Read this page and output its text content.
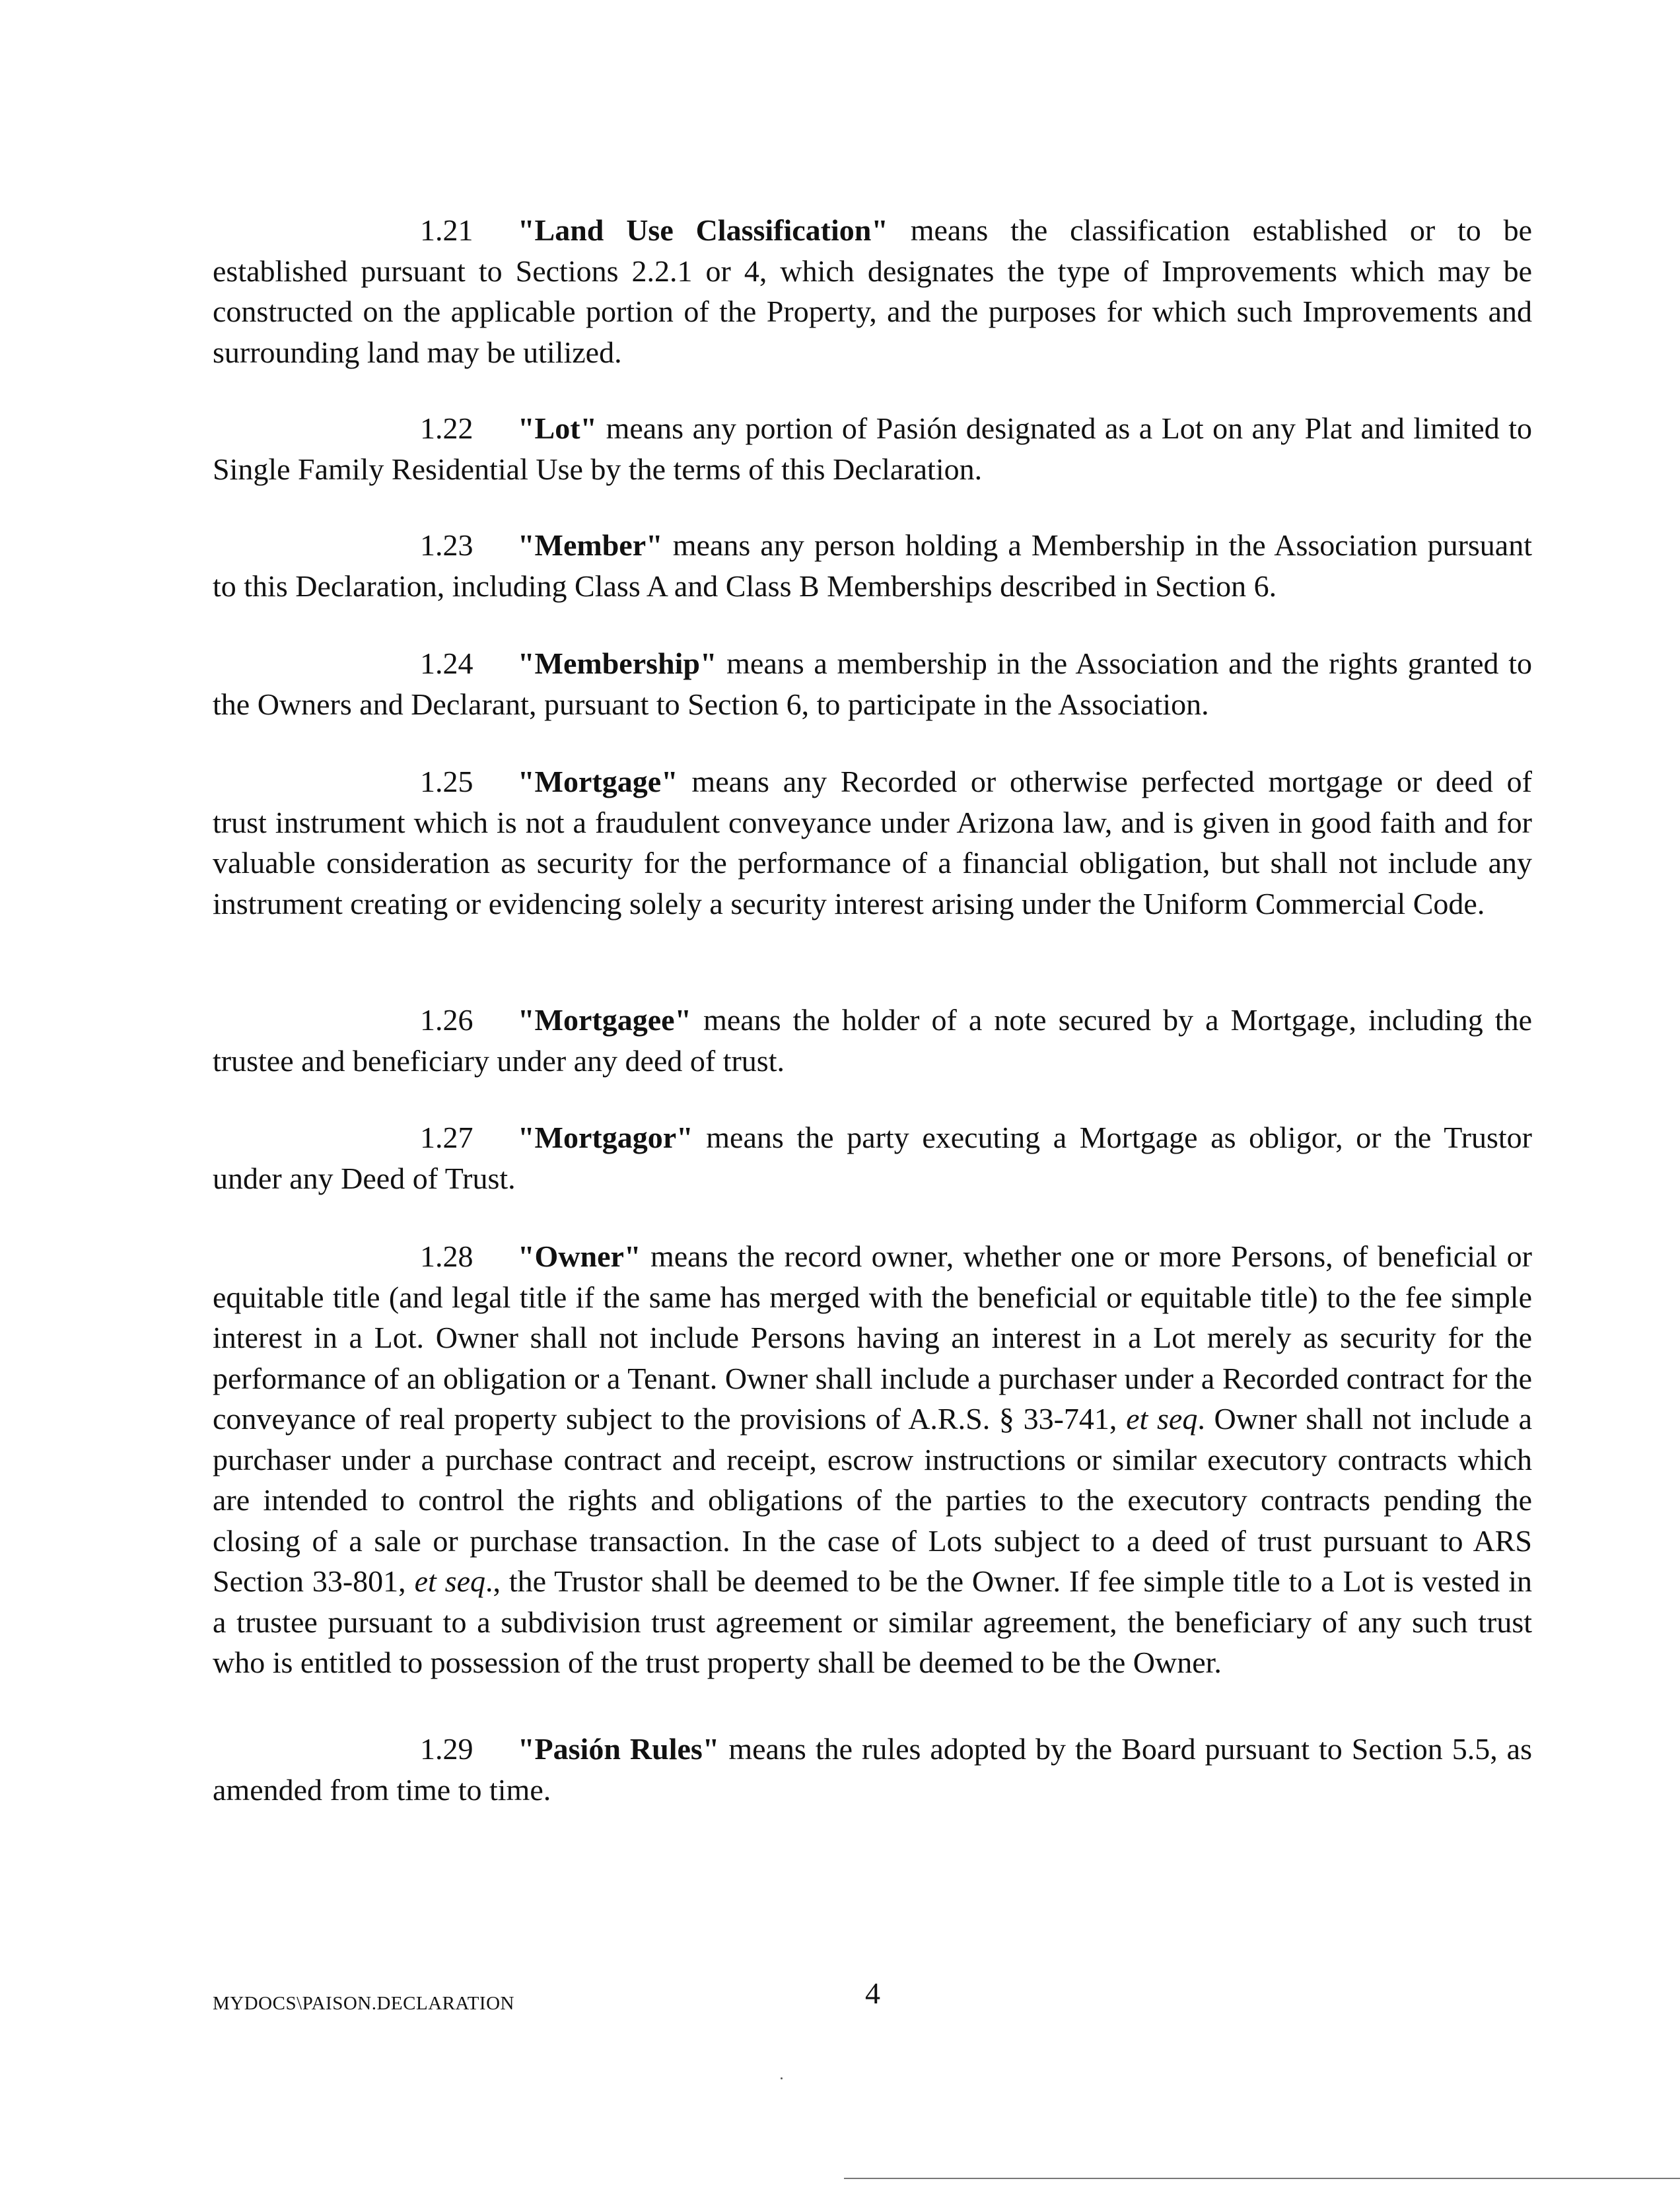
1.21 "Land Use Classification" means the classification established or to be established pursuant to Sections 2.2.1 or 4, which designates the type of Improvements which may be constructed on the applicable portion of the Property, and the purposes for which such Improvements and surrounding land may be utilized.

1.22 "Lot" means any portion of Pasión designated as a Lot on any Plat and limited to Single Family Residential Use by the terms of this Declaration.

1.23 "Member" means any person holding a Membership in the Association pursuant to this Declaration, including Class A and Class B Memberships described in Section 6.

1.24 "Membership" means a membership in the Association and the rights granted to the Owners and Declarant, pursuant to Section 6, to participate in the Association.

1.25 "Mortgage" means any Recorded or otherwise perfected mortgage or deed of trust instrument which is not a fraudulent conveyance under Arizona law, and is given in good faith and for valuable consideration as security for the performance of a financial obligation, but shall not include any instrument creating or evidencing solely a security interest arising under the Uniform Commercial Code.

1.26 "Mortgagee" means the holder of a note secured by a Mortgage, including the trustee and beneficiary under any deed of trust.

1.27 "Mortgagor" means the party executing a Mortgage as obligor, or the Trustor under any Deed of Trust.

1.28 "Owner" means the record owner, whether one or more Persons, of beneficial or equitable title (and legal title if the same has merged with the beneficial or equitable title) to the fee simple interest in a Lot. Owner shall not include Persons having an interest in a Lot merely as security for the performance of an obligation or a Tenant. Owner shall include a purchaser under a Recorded contract for the conveyance of real property subject to the provisions of A.R.S. § 33-741, et seq. Owner shall not include a purchaser under a purchase contract and receipt, escrow instructions or similar executory contracts which are intended to control the rights and obligations of the parties to the executory contracts pending the closing of a sale or purchase transaction. In the case of Lots subject to a deed of trust pursuant to ARS Section 33-801, et seq., the Trustor shall be deemed to be the Owner. If fee simple title to a Lot is vested in a trustee pursuant to a subdivision trust agreement or similar agreement, the beneficiary of any such trust who is entitled to possession of the trust property shall be deemed to be the Owner.

1.29 "Pasión Rules" means the rules adopted by the Board pursuant to Section 5.5, as amended from time to time.

MYDOCS\PAISON.DECLARATION	4
